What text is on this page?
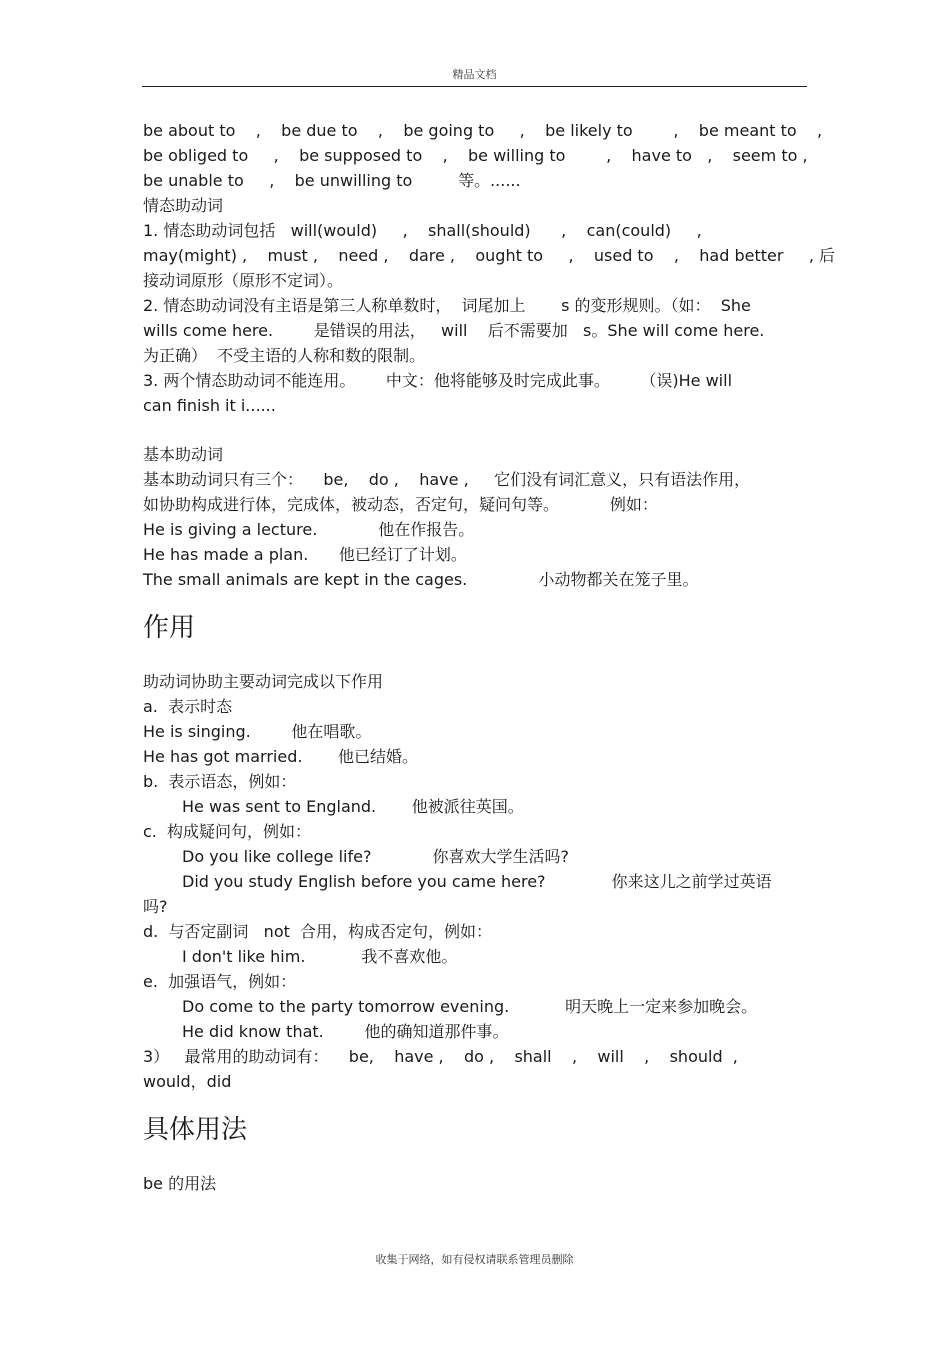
精品文档
be about to    ,    be due to    ,    be going to     ,    be likely to        ,    be meant to    ,
be obliged to     ,    be supposed to    ,    be willing to        ,    have to   ,    seem to ,
be unable to     ,    be unwilling to         等。......
情态助动词
1. 情态助动词包括   will(would)     ,    shall(should)      ,    can(could)     ,
may(might) ,    must ,    need ,    dare ,    ought to     ,    used to    ,    had better     , 后
接动词原形（原形不定词）。
2. 情态助动词没有主语是第三人称单数时，  词尾加上       s 的变形规则。（如：  She
wills come here.        是错误的用法，   will    后不需要加   s。She will come here.
为正确）  不受主语的人称和数的限制。
3. 两个情态助动词不能连用。      中文：他将能够及时完成此事。      （误)He will
can finish it i......
基本助动词
基本助动词只有三个：    be,    do ,    have ,     它们没有词汇意义，只有语法作用，
如协助构成进行体，完成体，被动态，否定句，疑问句等。          例如：
He is giving a lecture.            他在作报告。
He has made a plan.      他已经订了计划。
The small animals are kept in the cages.              小动物都关在笼子里。
作用
助动词协助主要动词完成以下作用
a.  表示时态
He is singing.        他在唱歌。
He has got married.       他已结婚。
b.  表示语态，例如：
He was sent to England.       他被派往英国。
c.  构成疑问句，例如：
Do you like college life?            你喜欢大学生活吗?
Did you study English before you came here?             你来这儿之前学过英语
吗?
d.  与否定副词   not  合用，构成否定句，例如：
I don't like him.           我不喜欢他。
e.  加强语气，例如：
Do come to the party tomorrow evening.           明天晚上一定来参加晚会。
He did know that.        他的确知道那件事。
3）   最常用的助动词有：    be,    have ,    do ,    shall    ,    will    ,    should  ,
would，did
具体用法
be 的用法
收集于网络，如有侵权请联系管理员删除
